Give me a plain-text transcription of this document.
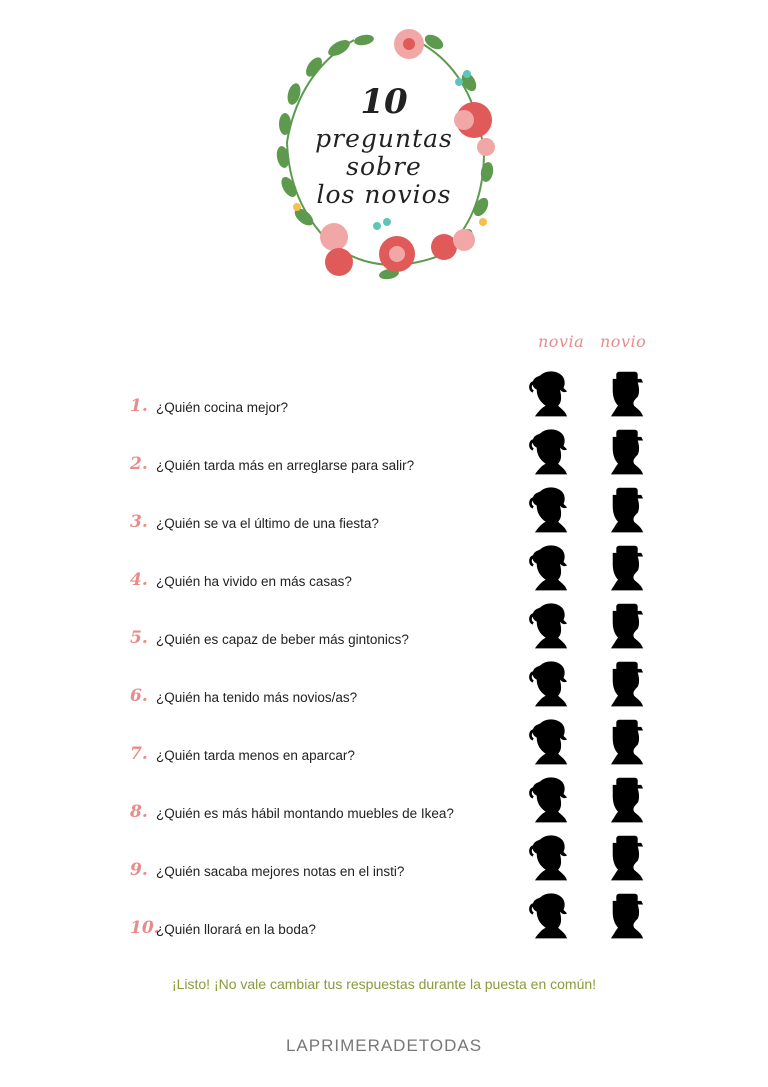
10
preguntas
sobre
los novios
novia novio
1. ¿Quién cocina mejor?
2. ¿Quién tarda más en arreglarse para salir?
3. ¿Quién se va el último de una fiesta?
4. ¿Quién ha vivido en más casas?
5. ¿Quién es capaz de beber más gintonics?
6. ¿Quién ha tenido más novios/as?
7. ¿Quién tarda menos en aparcar?
8. ¿Quién es más hábil montando muebles de Ikea?
9. ¿Quién sacaba mejores notas en el insti?
10.
¿Quién llorará en la boda?
¡Listo! ¡No vale cambiar tus respuestas durante la puesta en común!
LAPRIMERADETODAS
